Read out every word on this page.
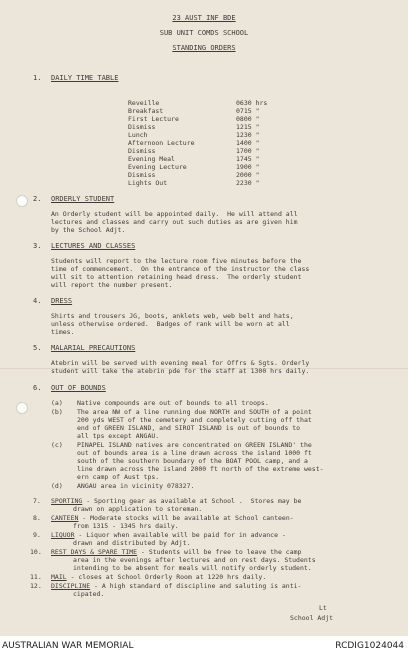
23 AUST INF BDE
SUB UNIT COMDS SCHOOL
STANDING ORDERS
1. DAILY TIME TABLE
Reveille	0630 hrs
Breakfast	0715 "
First Lecture	0800 "
Dismiss	1215 "
Lunch	1230 "
Afternoon Lecture	1400 "
Dismiss	1700 "
Evening Meal	1745 "
Evening Lecture	1900 "
Dismiss	2000 "
Lights Out	2230 "
2. ORDERLY STUDENT
An Orderly student will be appointed daily.  He will attend all
lectures and classes and carry out such duties as are given him
by the School Adjt.
3. LECTURES AND CLASSES
Students will report to the lecture room five minutes before the
time of commencement.  On the entrance of the instructor the class
will sit to attention retaining head dress.  The orderly student
will report the number present.
4. DRESS
Shirts and trousers JG, boots, anklets web, web belt and hats,
unless otherwise ordered.  Badges of rank will be worn at all
times.
5. MALARIAL PRECAUTIONS
Atebrin will be served with evening meal for Offrs & Sgts. Orderly
student will take the atebrin pde for the staff at 1300 hrs daily.
6. OUT OF BOUNDS
(a) Native compounds are out of bounds to all troops.
(b) The area NW of a line running due NORTH and SOUTH of a point
200 yds WEST of the cemetery and completely cutting off that
end of GREEN ISLAND, and SIROT ISLAND is out of bounds to
all tps except ANGAU.
(c) PINAPEL ISLAND natives are concentrated on GREEN ISLAND' the
out of bounds area is a line drawn across the island 1000 ft
south of the southern boundary of the BOAT POOL camp, and a
line drawn across the island 2000 ft north of the extreme west-
ern camp of Aust tps.
(d) ANGAU area in vicinity 078327.
7. SPORTING - Sporting gear as available at School .  Stores may be
drawn on application to storeman.
8. CANTEEN - Moderate stocks will be available at School canteen-
from 1315 - 1345 hrs daily.
9. LIQUOR - Liquor when available will be paid for in advance -
drawn and distributed by Adjt.
10. REST DAYS & SPARE TIME - Students will be free to leave the camp
area in the evenings after lectures and on rest days. Students
intending to be absent for meals will notify orderly student.
11. MAIL - closes at School Orderly Room at 1220 hrs daily.
12. DISCIPLINE - A high standard of discipline and saluting is anti-
cipated.
Lt
School Adjt
AUSTRALIAN WAR MEMORIAL	RCDIG1024044
